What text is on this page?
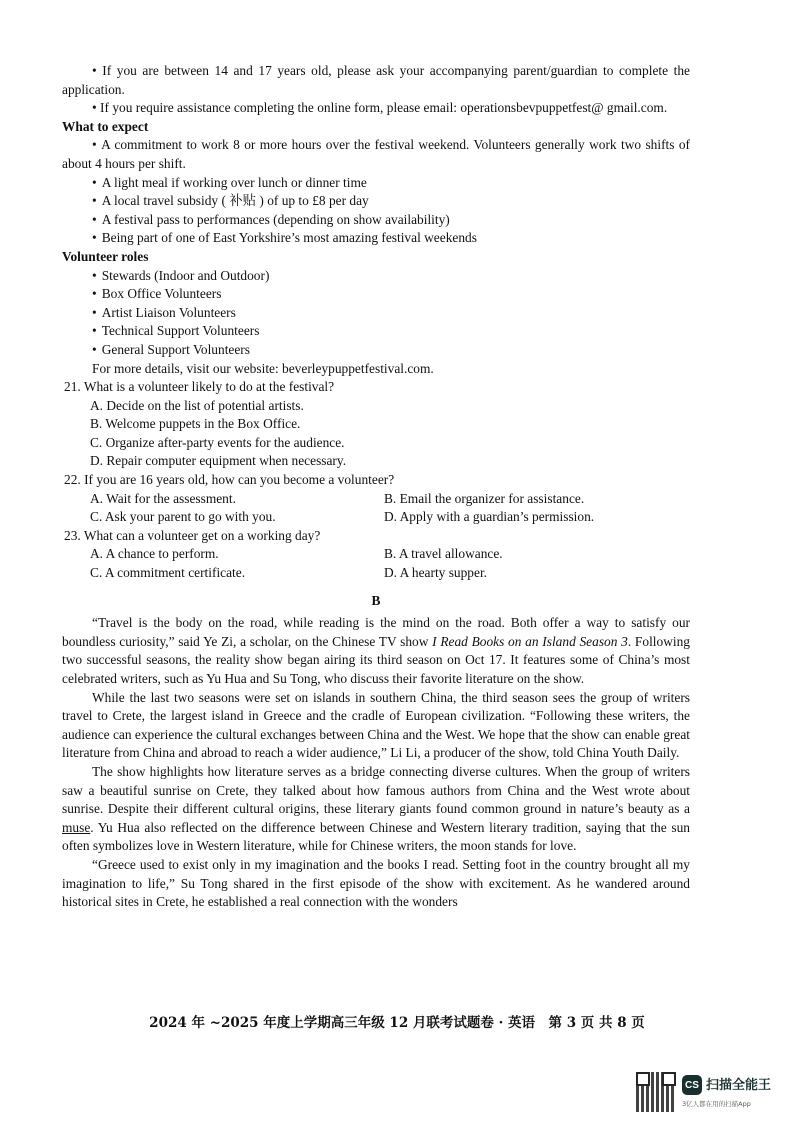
• If you are between 14 and 17 years old, please ask your accompanying parent/guardian to complete the application.

• If you require assistance completing the online form, please email: operationsbevpuppetfest@ gmail.com.

What to expect

• A commitment to work 8 or more hours over the festival weekend. Volunteers generally work two shifts of about 4 hours per shift.

• A light meal if working over lunch or dinner time

• A local travel subsidy ( 补贴 ) of up to £8 per day

• A festival pass to performances (depending on show availability)

• Being part of one of East Yorkshire’s most amazing festival weekends

Volunteer roles

• Stewards (Indoor and Outdoor)

• Box Office Volunteers

• Artist Liaison Volunteers

• Technical Support Volunteers

• General Support Volunteers

For more details, visit our website: beverleypuppetfestival.com.

21. What is a volunteer likely to do at the festival?

A. Decide on the list of potential artists.

B. Welcome puppets in the Box Office.

C. Organize after-party events for the audience.

D. Repair computer equipment when necessary.

22. If you are 16 years old, how can you become a volunteer?

A. Wait for the assessment.	B. Email the organizer for assistance.
C. Ask your parent to go with you.	D. Apply with a guardian’s permission.

23. What can a volunteer get on a working day?

A. A chance to perform.	B. A travel allowance.
C. A commitment certificate.	D. A hearty supper.

B

“Travel is the body on the road, while reading is the mind on the road. Both offer a way to satisfy our boundless curiosity,” said Ye Zi, a scholar, on the Chinese TV show I Read Books on an Island Season 3. Following two successful seasons, the reality show began airing its third season on Oct 17. It features some of China’s most celebrated writers, such as Yu Hua and Su Tong, who discuss their favorite literature on the show.

While the last two seasons were set on islands in southern China, the third season sees the group of writers travel to Crete, the largest island in Greece and the cradle of European civilization. “Following these writers, the audience can experience the cultural exchanges between China and the West. We hope that the show can enable great literature from China and abroad to reach a wider audience,” Li Li, a producer of the show, told China Youth Daily.

The show highlights how literature serves as a bridge connecting diverse cultures. When the group of writers saw a beautiful sunrise on Crete, they talked about how famous authors from China and the West wrote about sunrise. Despite their different cultural origins, these literary giants found common ground in nature’s beauty as a muse. Yu Hua also reflected on the difference between Chinese and Western literary tradition, saying that the sun often symbolizes love in Western literature, while for Chinese writers, the moon stands for love.

“Greece used to exist only in my imagination and the books I read. Setting foot in the country brought all my imagination to life,” Su Tong shared in the first episode of the show with excitement. As he wandered around historical sites in Crete, he established a real connection with the wonders

2024 年 ~2025 年度上学期高三年级 12 月联考试题卷 · 英语　第 3 页 共 8 页
CS 扫描全能王
3亿人都在用的扫描App
